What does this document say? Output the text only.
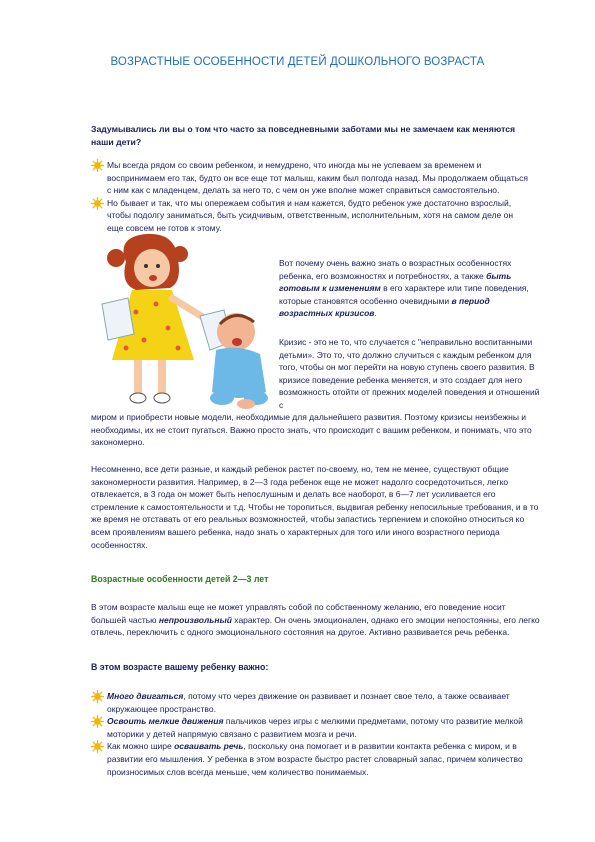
ВОЗРАСТНЫЕ ОСОБЕННОСТИ ДЕТЕЙ ДОШКОЛЬНОГО ВОЗРАСТА
Задумывались ли вы о том что часто за повседневными заботами мы не замечаем как меняются наши дети?

Мы всегда рядом со своим ребенком, и немудрено, что иногда мы не успеваем за временем и воспринимаем его так, будто он все еще тот малыш, каким был полгода назад. Мы продолжаем общаться с ним как с младенцем, делать за него то, с чем он уже вполне может справиться самостоятельно.

Но бывает и так, что мы опережаем события и нам кажется, будто ребенок уже достаточно взрослый, чтобы подолгу заниматься, быть усидчивым, ответственным, исполнительным, хотя на самом деле он еще совсем не готов к этому.

Вот почему очень важно знать о возрастных особенностях ребенка, его возможностях и потребностях, а также быть готовым к изменениям в его характере или типе поведения, которые становятся особенно очевидными в период возрастных кризисов.

Кризис - это не то, что случается с "неправильно воспитанными детьми». Это то, что должно случиться с каждым ребенком для того, чтобы он мог перейти на новую ступень своего развития. В кризисе поведение ребенка меняется, и это создает для него возможность отойти от прежних моделей поведения и отношений с

миром и приобрести новые модели, необходимые для дальнейшего развития. Поэтому кризисы неизбежны и необходимы, их не стоит пугаться. Важно просто знать, что происходит с вашим ребенком, и понимать, что это закономерно.

Несомненно, все дети разные, и каждый ребенок растет по-своему, но, тем не менее, существуют общие закономерности развития. Например, в 2—3 года ребенок еще не может надолго сосредоточиться, легко отвлекается, в 3 года он может быть непослушным и делать все наоборот, в 6—7 лет усиливается его стремление к самостоятельности и т.д. Чтобы не торопиться, выдвигая ребенку непосильные требования, и в то же время не отставать от его реальных возможностей, чтобы запастись терпением и спокойно относиться ко всем проявлениям вашего ребенка, надо знать о характерных для того или иного возрастного периода особенностях.

Возрастные особенности детей 2—3 лет

В этом возрасте малыш еще не может управлять собой по собственному желанию, его поведение носит большей частью непроизвольный характер. Он очень эмоционален, однако его эмоции непостоянны, его легко отвлечь, переключить с одного эмоционального состояния на другое. Активно развивается речь ребенка.

В этом возрасте вашему ребенку важно:

Много двигаться, потому что через движение он развивает и познает свое тело, а также осваивает окружающее пространство.

Освоить мелкие движения пальчиков через игры с мелкими предметами, потому что развитие мелкой моторики у детей напрямую связано с развитием мозга и речи.

Как можно шире осваивать речь, поскольку она помогает и в развитии контакта ребенка с миром, и в развитии его мышления. У ребенка в этом возрасте быстро растет словарный запас, причем количество произносимых слов всегда меньше, чем количество понимаемых.
